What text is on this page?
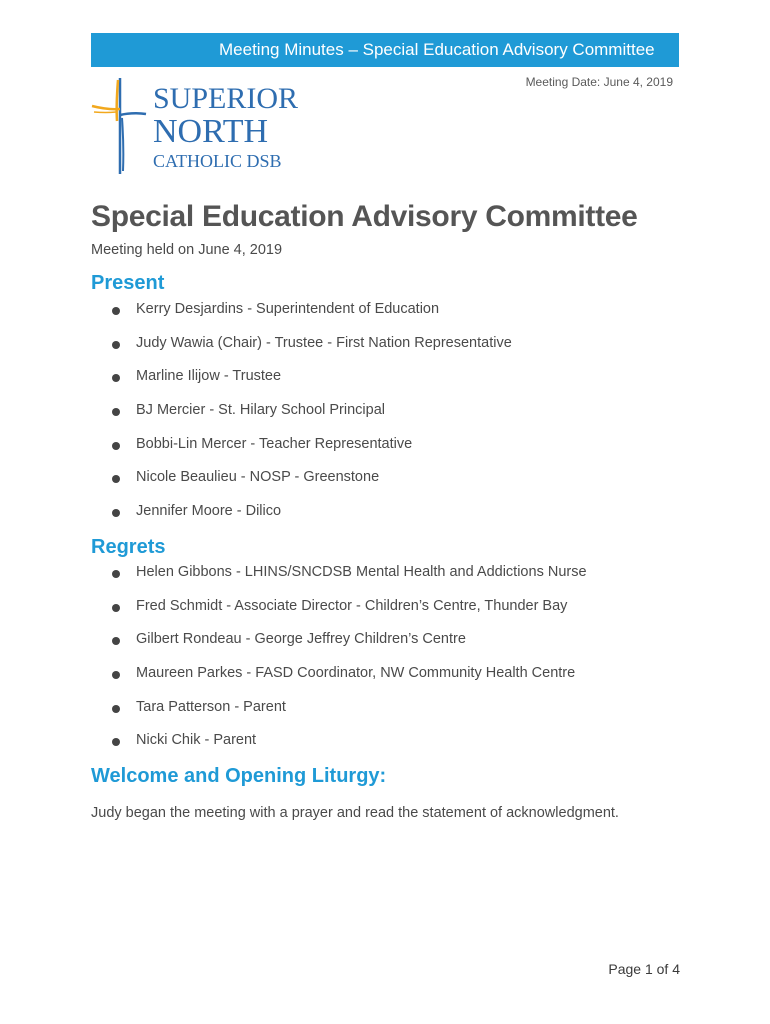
Meeting Minutes – Special Education Advisory Committee
Meeting Date: June 4, 2019
SUPERIOR
NORTH
CATHOLIC DSB
Special Education Advisory Committee
Meeting held on June 4, 2019
Present
Kerry Desjardins - Superintendent of Education
Judy Wawia (Chair) - Trustee - First Nation Representative
Marline Ilijow - Trustee
BJ Mercier - St. Hilary School Principal
Bobbi-Lin Mercer - Teacher Representative
Nicole Beaulieu - NOSP - Greenstone
Jennifer Moore - Dilico
Regrets
Helen Gibbons - LHINS/SNCDSB Mental Health and Addictions Nurse
Fred Schmidt - Associate Director - Children’s Centre, Thunder Bay
Gilbert Rondeau - George Jeffrey Children’s Centre
Maureen Parkes - FASD Coordinator, NW Community Health Centre
Tara Patterson - Parent
Nicki Chik - Parent
Welcome and Opening Liturgy:
Judy began the meeting with a prayer and read the statement of acknowledgment.
Page 1 of 4
